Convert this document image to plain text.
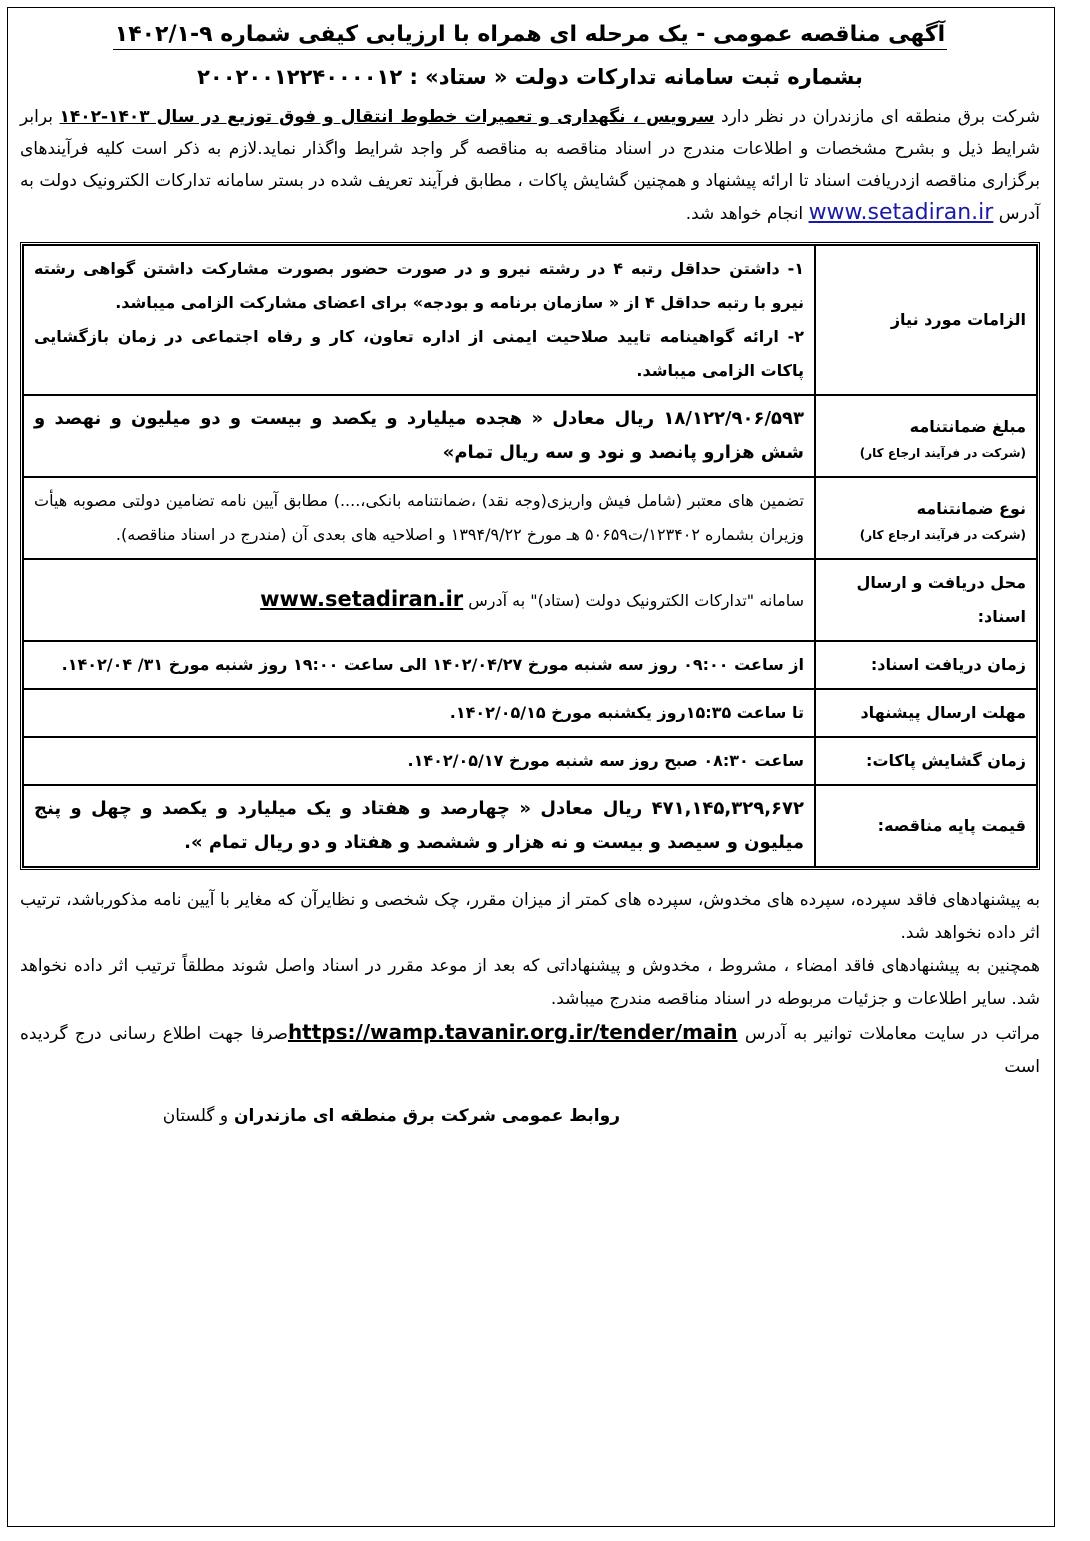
آگهی مناقصه عمومی - یک مرحله ای همراه با ارزیابی کیفی شماره ۹-۱۴۰۲/۱
بشماره ثبت سامانه تدارکات دولت « ستاد» : ۲۰۰۲۰۰۱۲۲۴۰۰۰۰۱۲
شرکت برق منطقه ای مازندران در نظر دارد سرویس ، نگهداری و تعمیرات خطوط انتقال و فوق توزیع در سال ۱۴۰۳-۱۴۰۲ برابر شرایط ذیل و بشرح مشخصات و اطلاعات مندرج در اسناد مناقصه به مناقصه گر واجد شرایط واگذار نماید.لازم به ذکر است کلیه فرآیندهای برگزاری مناقصه ازدریافت اسناد تا ارائه پیشنهاد و همچنین گشایش پاکات ، مطابق فرآیند تعریف شده در بستر سامانه تدارکات الکترونیک دولت به آدرس www.setadiran.ir انجام خواهد شد.
الزامات مورد نیاز	۱- داشتن حداقل رتبه ۴ در رشته نیرو و در صورت حضور بصورت مشارکت داشتن گواهی رشته نیرو با رتبه حداقل ۴ از « سازمان برنامه و بودجه» برای اعضای مشارکت الزامی میباشد.
۲- ارائه گواهینامه تایید صلاحیت ایمنی از اداره تعاون، کار و رفاه اجتماعی در زمان بازگشایی پاکات الزامی میباشد.

مبلغ ضمانتنامه
(شرکت در فرآیند ارجاع کار)	۱۸/۱۲۲/۹۰۶/۵۹۳ ریال معادل « هجده میلیارد و یکصد و بیست و دو میلیون و نهصد و شش هزارو پانصد و نود و سه ریال تمام»
نوع ضمانتنامه
(شرکت در فرآیند ارجاع کار)	تضمین های معتبر (شامل فیش واریزی(وجه نقد) ،ضمانتنامه بانکی،....) مطابق آیین نامه تضامین دولتی مصوبه هیأت وزیران بشماره ۱۲۳۴۰۲/ت۵۰۶۵۹ هـ مورخ ۱۳۹۴/۹/۲۲ و اصلاحیه های بعدی آن (مندرج در اسناد مناقصه).
محل دریافت و ارسال اسناد:	سامانه "تدارکات الکترونیک دولت (ستاد)" به آدرس www.setadiran.ir
زمان دریافت اسناد:	از ساعت ۰۹:۰۰ روز سه شنبه مورخ ۱۴۰۲/۰۴/۲۷ الی ساعت ۱۹:۰۰ روز شنبه مورخ ۳۱/ ۱۴۰۲/۰۴.
مهلت ارسال پیشنهاد	تا ساعت ۱۵:۳۵روز یکشنبه مورخ ۱۴۰۲/۰۵/۱۵.
زمان گشایش پاکات:	ساعت ۰۸:۳۰ صبح روز سه شنبه مورخ ۱۴۰۲/۰۵/۱۷.
قیمت پایه مناقصه:	۴۷۱,۱۴۵,۳۲۹,۶۷۲ ریال معادل « چهارصد و هفتاد و یک میلیارد و یکصد و چهل و پنج میلیون و سیصد و بیست و نه هزار و ششصد و هفتاد و دو ریال تمام ».
به پیشنهادهای فاقد سپرده، سپرده های مخدوش، سپرده های کمتر از میزان مقرر، چک شخصی و نظایرآن که مغایر با آیین نامه مذکورباشد، ترتیب اثر داده نخواهد شد.
همچنین به پیشنهادهای فاقد امضاء ، مشروط ، مخدوش و پیشنهاداتی که بعد از موعد مقرر در اسناد واصل شوند مطلقاً ترتیب اثر داده نخواهد شد. سایر اطلاعات و جزئیات مربوطه در اسناد مناقصه مندرج میباشد.
مراتب در سایت معاملات توانیر به آدرس https://wamp.tavanir.org.ir/tender/mainصرفا جهت اطلاع رسانی درج گردیده است
روابط عمومی شرکت برق منطقه ای مازندران و گلستان
